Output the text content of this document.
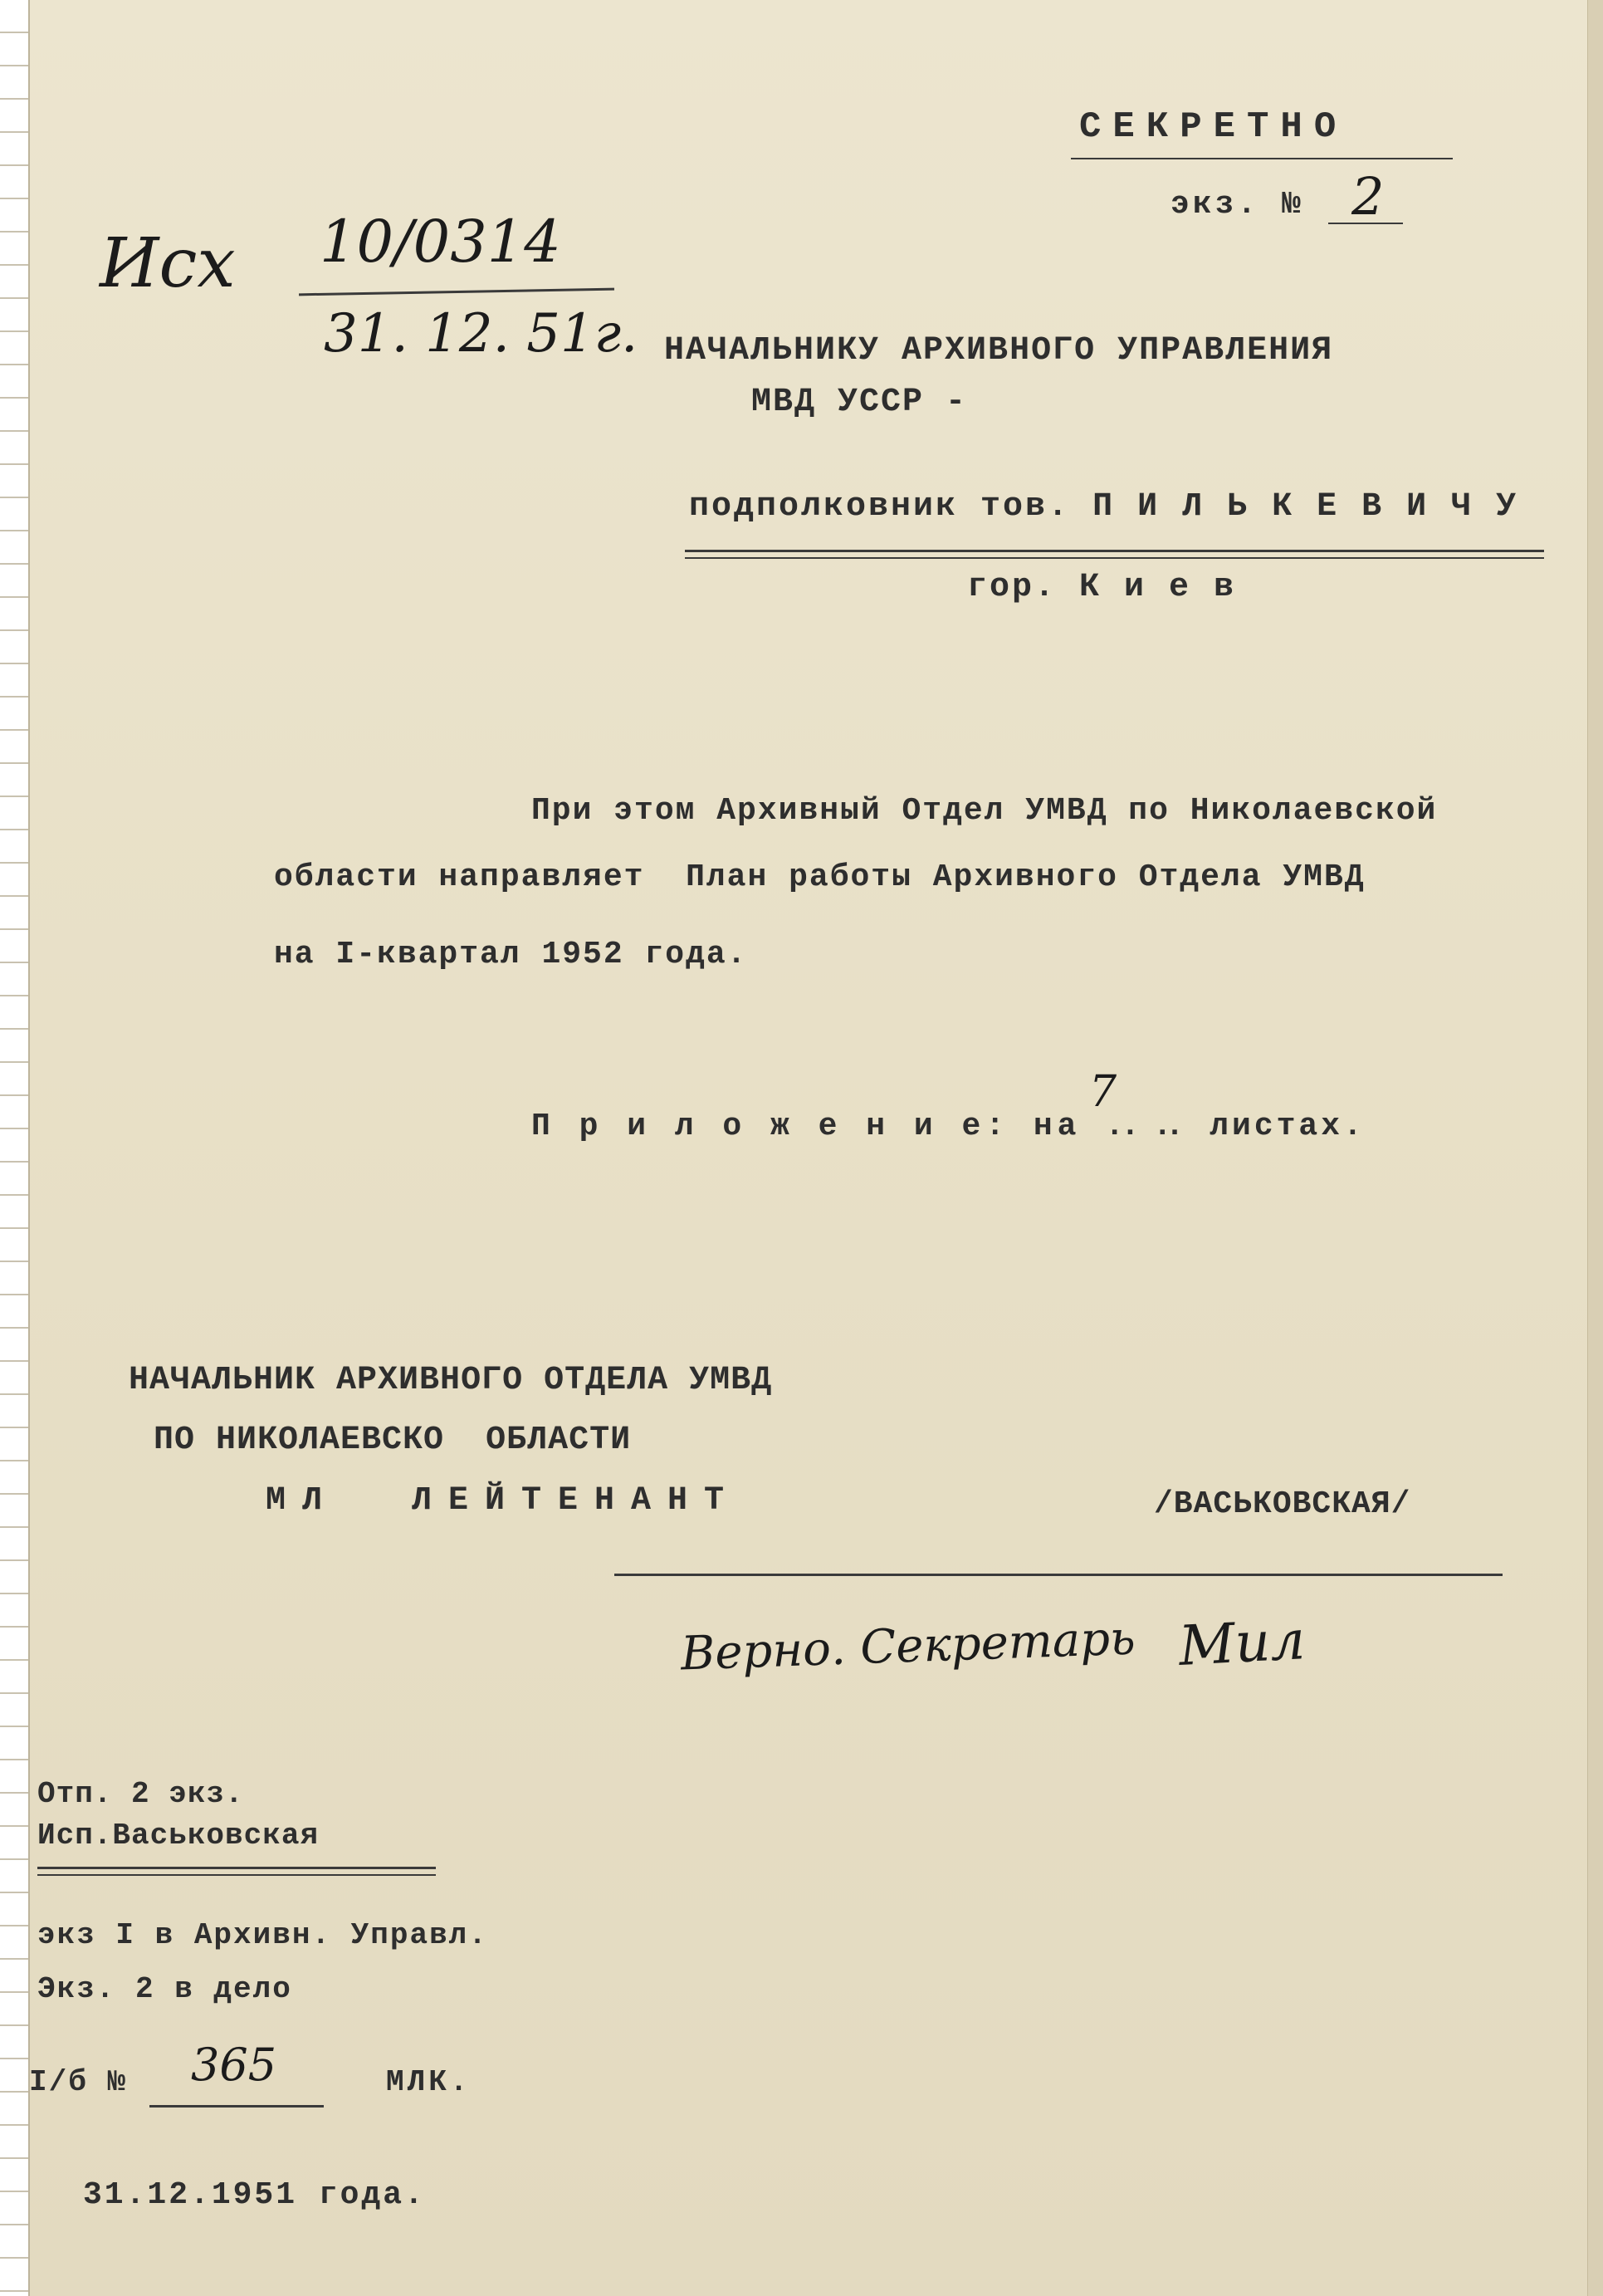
СЕКРЕТНО
экз. № 2
Исх 10/0314
31. 12. 51г. НАЧАЛЬНИКУ АРХИВНОГО УПРАВЛЕНИЯ
МВД УССР -
подполковник тов. П И Л Ь К Е В И Ч У
гор. К и е в
При этом Архивный Отдел УМВД по Николаевской
области направляет  План работы Архивного Отдела УМВД
на I-квартал 1952 года.
П р и л о ж е н и е: на . .
7
. . листах.
НАЧАЛЬНИК АРХИВНОГО ОТДЕЛА УМВД
ПО НИКОЛАЕВСКО  ОБЛАСТИ
МЛ  ЛЕЙТЕНАНТ	/ВАСЬКОВСКАЯ/
Верно. Секретарь Мил
Отп. 2 экз.
Исп.Васьковская
экз I в Архивн. Управл.
Экз. 2 в дело
I/б № 365	МЛК.
31.12.1951 года.
